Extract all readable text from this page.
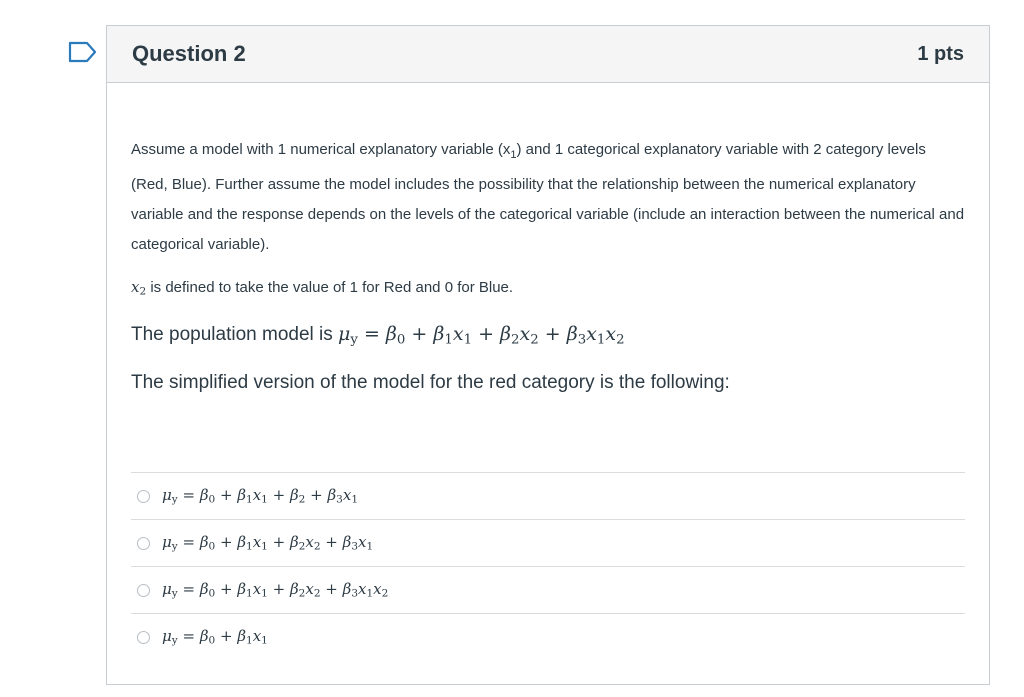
Question 2	1 pts
Assume a model with 1 numerical explanatory variable $(x_1)$ and 1 categorical explanatory variable with 2 category levels (Red, Blue). Further assume the model includes the possibility that the relationship between the numerical explanatory variable and the response depends on the levels of the categorical variable (include an interaction between the numerical and categorical variable).
$x_2$ is defined to take the value of 1 for Red and 0 for Blue.
The population model is $\mu_y = \beta_0 + \beta_1x_1 + \beta_2x_2 + \beta_3x_1x_2$
The simplified version of the model for the red category is the following:
$\mu_y = \beta_0 + \beta_1x_1 + \beta_2 + \beta_3x_1$
$\mu_y = \beta_0 + \beta_1x_1 + \beta_2x_2 + \beta_3x_1$
$\mu_y = \beta_0 + \beta_1x_1 + \beta_2x_2 + \beta_3x_1x_2$
$\mu_y = \beta_0 + \beta_1x_1$
